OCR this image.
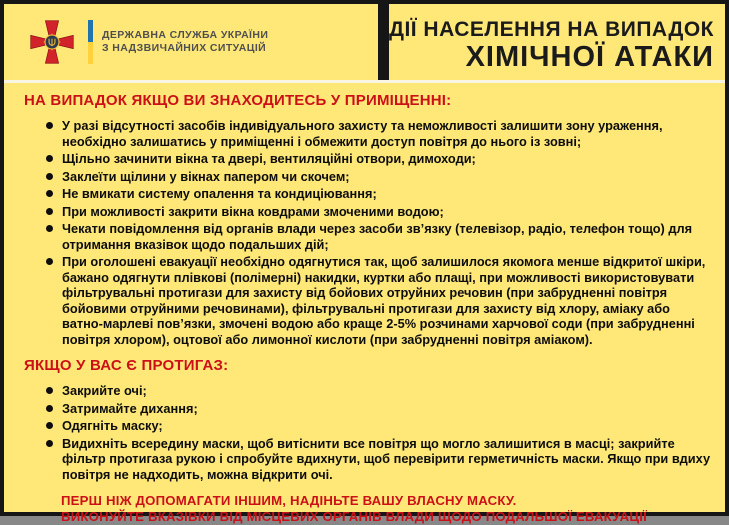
ДЕРЖАВНА СЛУЖБА УКРАЇНИ
З НАДЗВИЧАЙНИХ СИТУАЦІЙ
ДІЇ НАСЕЛЕННЯ НА ВИПАДОК
ХІМІЧНОЇ АТАКИ
НА ВИПАДОК ЯКЩО ВИ ЗНАХОДИТЕСЬ У ПРИМІЩЕННІ:
У разі відсутності засобів індивідуального захисту та неможливості залишити зону ураження, необхідно залишатись у приміщенні і обмежити доступ повітря до нього із зовні;
Щільно зачинити вікна та двері, вентиляційні отвори, димоходи;
Заклеїти щілини у вікнах папером чи скочем;
Не вмикати систему опалення та кондиціювання;
При можливості закрити вікна ковдрами змоченими водою;
Чекати повідомлення від органів влади через засоби зв’язку (телевізор, радіо, телефон тощо) для отримання вказівок щодо подальших дій;
При оголошені евакуації необхідно одягнутися так, щоб залишилося якомога менше відкритої шкіри, бажано одягнути плівкові (полімерні) накидки, куртки або плащі, при можливості використовувати фільтрувальні протигази для захисту від бойових отруйних речовин (при забрудненні повітря бойовими отруйними речовинами), фільтрувальні протигази для захисту від хлору, аміаку або ватно-марлеві пов’язки, змочені водою або краще 2-5% розчинами харчової соди (при забрудненні повітря хлором), оцтової або лимонної кислоти (при забрудненні повітря аміаком).
ЯКЩО У ВАС Є ПРОТИГАЗ:
Закрийте очі;
Затримайте дихання;
Одягніть маску;
Видихніть всередину маски, щоб витіснити все повітря що могло залишитися в масці; закрийте фільтр протигаза рукою і спробуйте вдихнути, щоб перевірити герметичність маски. Якщо при вдиху повітря не надходить, можна відкрити очі.
ПЕРШ НІЖ ДОПОМАГАТИ ІНШИМ, НАДІНЬТЕ ВАШУ ВЛАСНУ МАСКУ.
ВИКОНУЙТЕ ВКАЗІВКИ ВІД МІСЦЕВИХ ОРГАНІВ ВЛАДИ ЩОДО ПОДАЛЬШОЇ ЕВАКУАЦІЇ
